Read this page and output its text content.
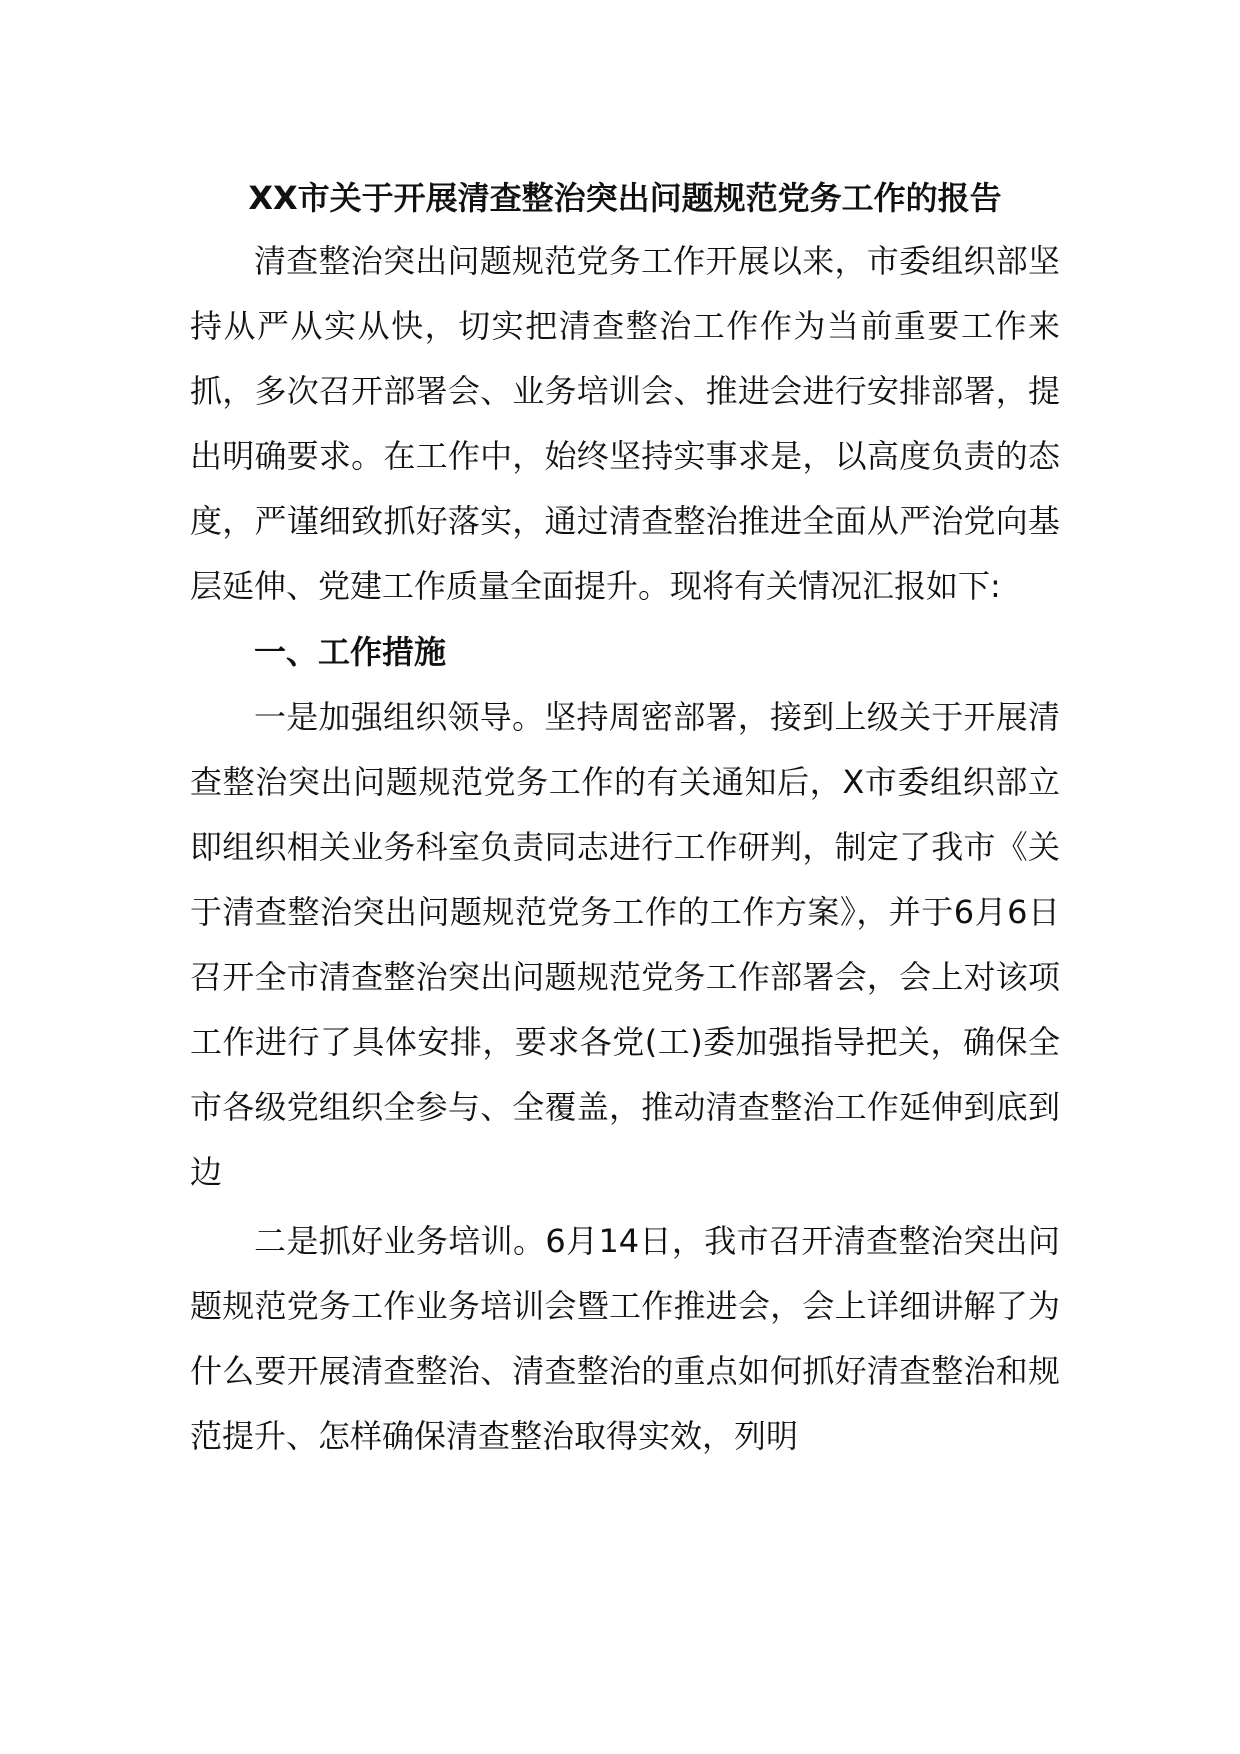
XX市关于开展清查整治突出问题规范党务工作的报告

清查整治突出问题规范党务工作开展以来，市委组织部坚持从严从实从快，切实把清查整治工作作为当前重要工作来抓，多次召开部署会、业务培训会、推进会进行安排部署，提出明确要求。在工作中，始终坚持实事求是，以高度负责的态度，严谨细致抓好落实，通过清查整治推进全面从严治党向基层延伸、党建工作质量全面提升。现将有关情况汇报如下:

一、工作措施

一是加强组织领导。坚持周密部署，接到上级关于开展清查整治突出问题规范党务工作的有关通知后，X市委组织部立即组织相关业务科室负责同志进行工作研判，制定了我市《关于清查整治突出问题规范党务工作的工作方案》，并于6月6日召开全市清查整治突出问题规范党务工作部署会，会上对该项工作进行了具体安排，要求各党(工)委加强指导把关，确保全市各级党组织全参与、全覆盖，推动清查整治工作延伸到底到边

二是抓好业务培训。6月14日，我市召开清查整治突出问题规范党务工作业务培训会暨工作推进会，会上详细讲解了为什么要开展清查整治、清查整治的重点如何抓好清查整治和规范提升、怎样确保清查整治取得实效，列明
